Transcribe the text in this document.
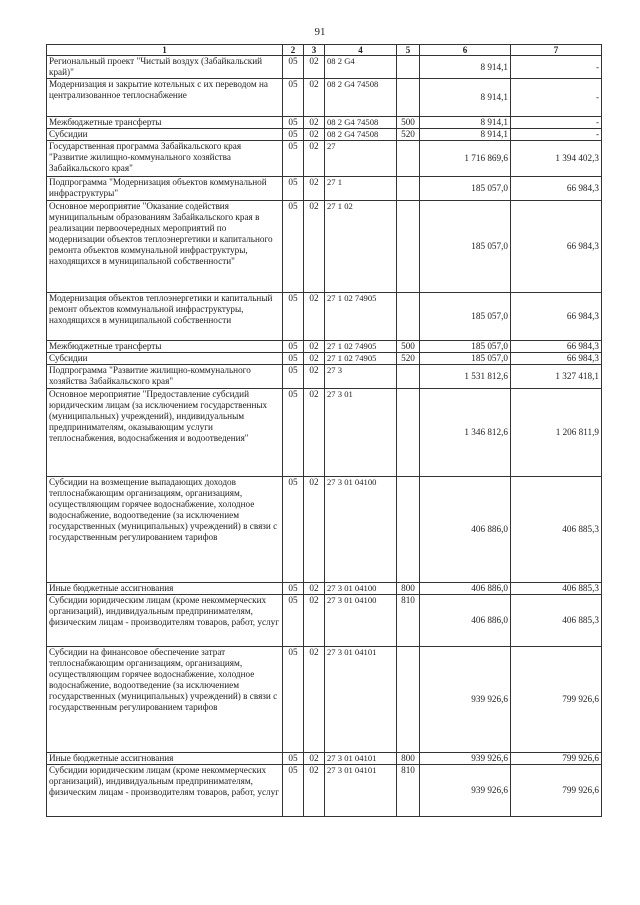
91
1	2	3	4	5	6	7
Региональный проект "Чистый воздух (Забайкальский край)"	05	02	08 2 G4		8 914,1	-
Модернизация и закрытие котельных с их переводом на централизованное теплоснабжение	05	02	08 2 G4 74508		8 914,1	-
Межбюджетные трансферты	05	02	08 2 G4 74508	500	8 914,1	-
Субсидии	05	02	08 2 G4 74508	520	8 914,1	-
Государственная программа Забайкальского края "Развитие жилищно-коммунального хозяйства Забайкальского края"	05	02	27		1 716 869,6	1 394 402,3
Подпрограмма "Модернизация объектов коммунальной инфраструктуры"	05	02	27 1		185 057,0	66 984,3
Основное мероприятие "Оказание содействия муниципальным образованиям Забайкальского края в реализации первоочередных мероприятий по модернизации объектов теплоэнергетики и капитального ремонта объектов коммунальной инфраструктуры, находящихся в муниципальной собственности"	05	02	27 1 02		185 057,0	66 984,3
Модернизация объектов теплоэнергетики и капитальный ремонт объектов коммунальной инфраструктуры, находящихся в муниципальной собственности	05	02	27 1 02 74905		185 057,0	66 984,3
Межбюджетные трансферты	05	02	27 1 02 74905	500	185 057,0	66 984,3
Субсидии	05	02	27 1 02 74905	520	185 057,0	66 984,3
Подпрограмма "Развитие жилищно-коммунального хозяйства Забайкальского края"	05	02	27 3		1 531 812,6	1 327 418,1
Основное мероприятие "Предоставление субсидий юридическим лицам (за исключением государственных (муниципальных) учреждений), индивидуальным предпринимателям, оказывающим услуги теплоснабжения, водоснабжения и водоотведения"	05	02	27 3 01		1 346 812,6	1 206 811,9
Субсидии на возмещение выпадающих доходов теплоснабжающим организациям, организациям, осуществляющим горячее водоснабжение, холодное водоснабжение, водоотведение (за исключением государственных (муниципальных) учреждений) в связи с государственным регулированием тарифов	05	02	27 3 01 04100		406 886,0	406 885,3
Иные бюджетные ассигнования	05	02	27 3 01 04100	800	406 886,0	406 885,3
Субсидии юридическим лицам (кроме некоммерческих организаций), индивидуальным предпринимателям, физическим лицам - производителям товаров, работ, услуг	05	02	27 3 01 04100	810	406 886,0	406 885,3
Субсидии на финансовое обеспечение затрат теплоснабжающим организациям, организациям, осуществляющим горячее водоснабжение, холодное водоснабжение, водоотведение (за исключением государственных (муниципальных) учреждений) в связи с государственным регулированием тарифов	05	02	27 3 01 04101		939 926,6	799 926,6
Иные бюджетные ассигнования	05	02	27 3 01 04101	800	939 926,6	799 926,6
Субсидии юридическим лицам (кроме некоммерческих организаций), индивидуальным предпринимателям, физическим лицам - производителям товаров, работ, услуг	05	02	27 3 01 04101	810	939 926,6	799 926,6
